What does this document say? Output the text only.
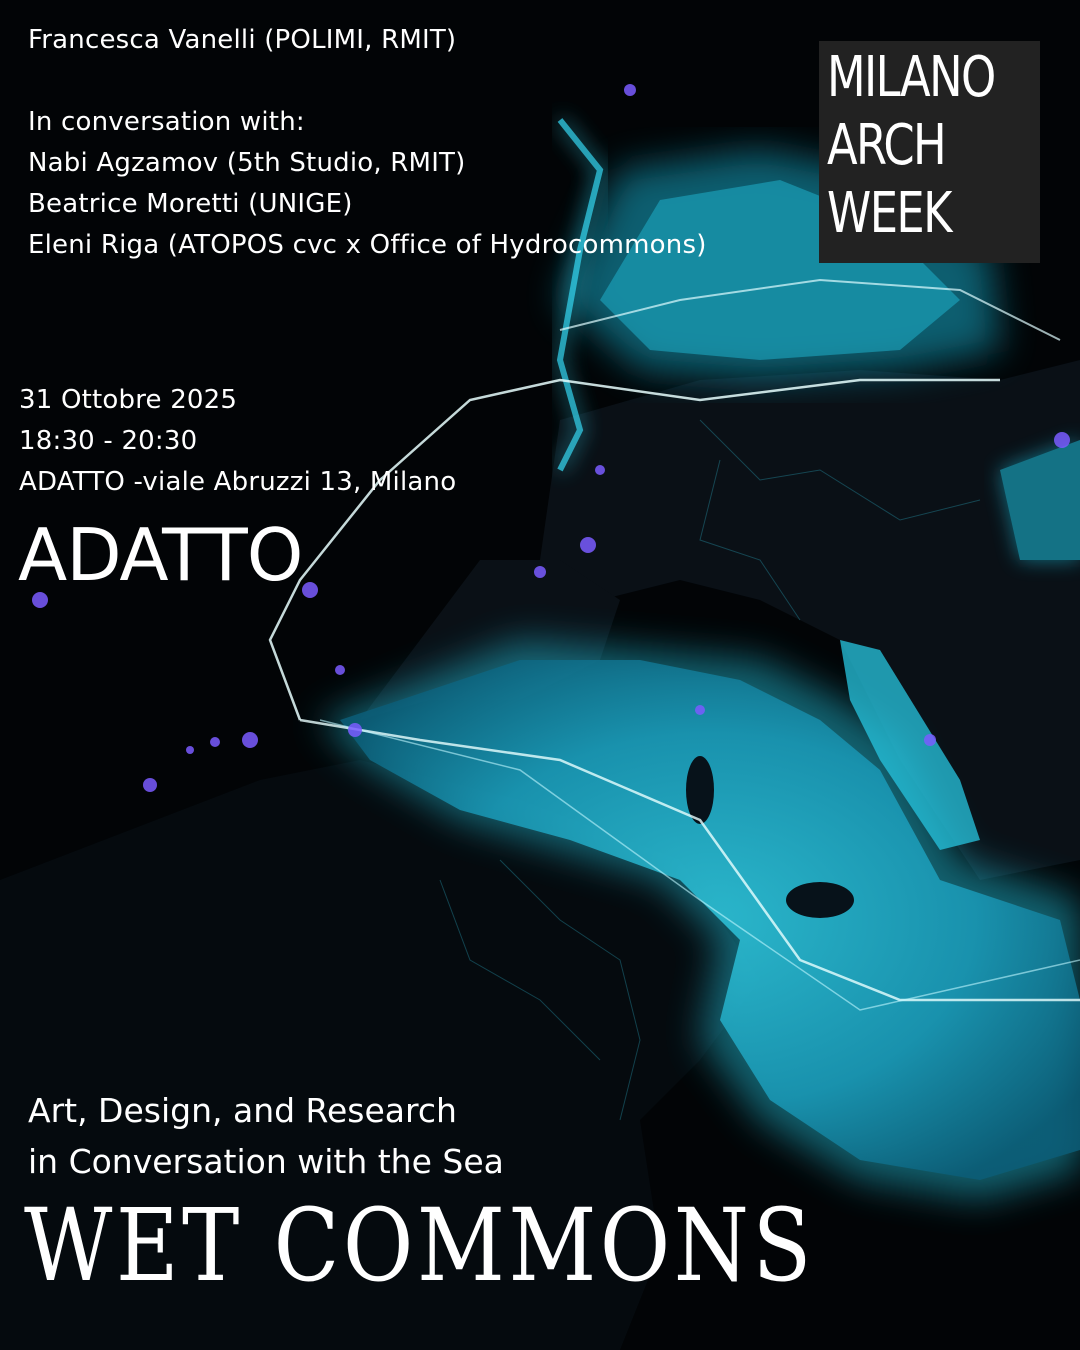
Francesca Vanelli (POLIMI, RMIT)
In conversation with:
Nabi Agzamov (5th Studio, RMIT)
Beatrice Moretti (UNIGE)
Eleni Riga (ATOPOS cvc x Office of Hydrocommons)
31 Ottobre 2025
18:30 - 20:30
ADATTO -viale Abruzzi 13, Milano
ADATTO
MILANO
ARCH
WEEK
Art, Design, and Research
in Conversation with the Sea
WET COMMONS
